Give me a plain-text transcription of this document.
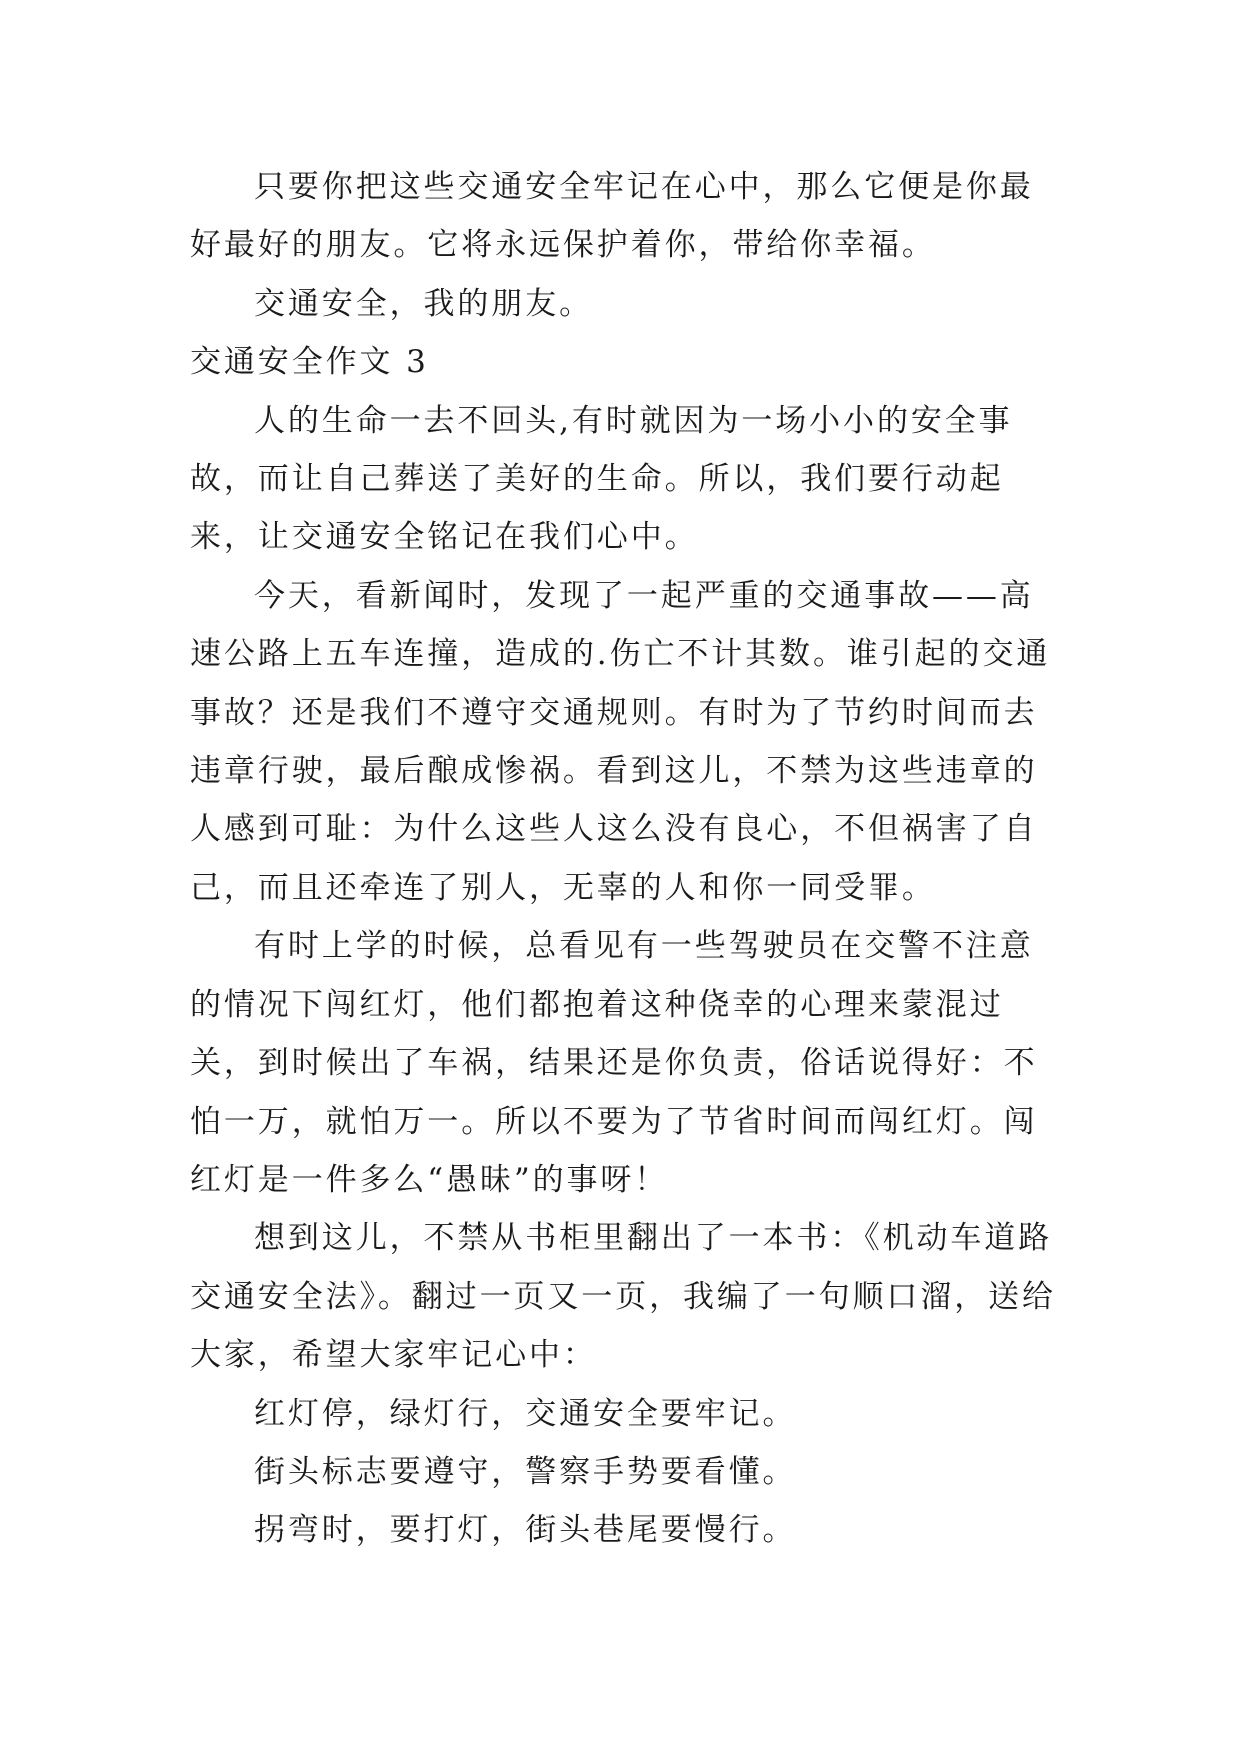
只要你把这些交通安全牢记在心中，那么它便是你最好最好的朋友。它将永远保护着你，带给你幸福。

交通安全，我的朋友。

交通安全作文 3

人的生命一去不回头,有时就因为一场小小的安全事故，而让自己葬送了美好的生命。所以，我们要行动起来，让交通安全铭记在我们心中。

今天，看新闻时，发现了一起严重的交通事故——高速公路上五车连撞，造成的.伤亡不计其数。谁引起的交通事故？还是我们不遵守交通规则。有时为了节约时间而去违章行驶，最后酿成惨祸。看到这儿，不禁为这些违章的人感到可耻：为什么这些人这么没有良心，不但祸害了自己，而且还牵连了别人，无辜的人和你一同受罪。

有时上学的时候，总看见有一些驾驶员在交警不注意的情况下闯红灯，他们都抱着这种侥幸的心理来蒙混过关，到时候出了车祸，结果还是你负责，俗话说得好：不怕一万，就怕万一。所以不要为了节省时间而闯红灯。闯红灯是一件多么“愚昧”的事呀！

想到这儿，不禁从书柜里翻出了一本书：《机动车道路交通安全法》。翻过一页又一页，我编了一句顺口溜，送给大家，希望大家牢记心中：

红灯停，绿灯行，交通安全要牢记。

街头标志要遵守，警察手势要看懂。

拐弯时，要打灯，街头巷尾要慢行。
